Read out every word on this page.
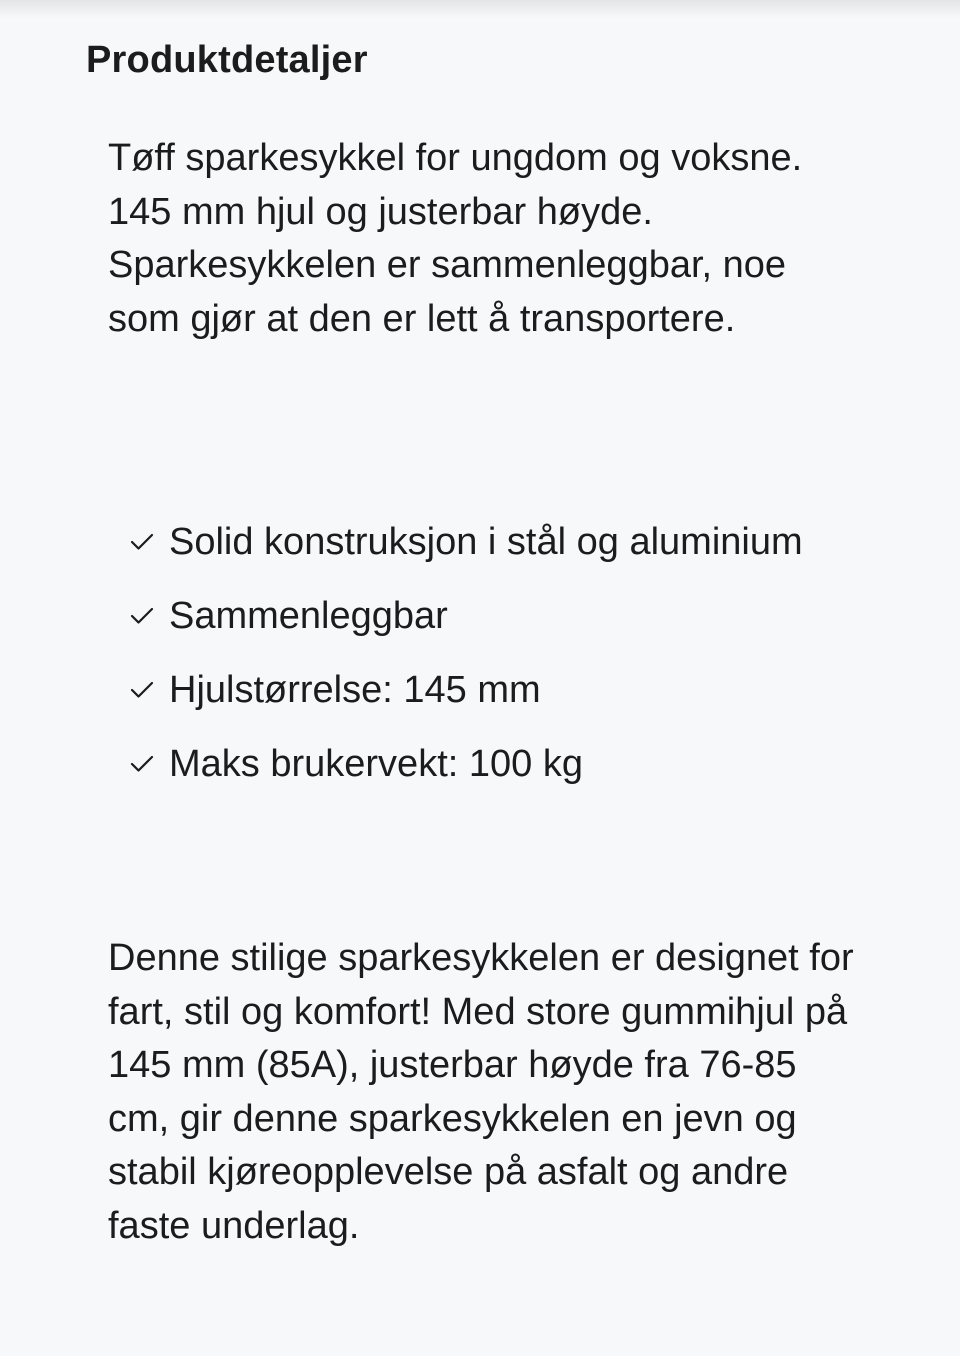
Produktdetaljer

Tøff sparkesykkel for ungdom og voksne. 145 mm hjul og justerbar høyde. Sparkesykkelen er sammenleggbar, noe som gjør at den er lett å transportere.

Solid konstruksjon i stål og aluminium
Sammenleggbar
Hjulstørrelse: 145 mm
Maks brukervekt: 100 kg

Denne stilige sparkesykkelen er designet for fart, stil og komfort! Med store gummihjul på 145 mm (85A), justerbar høyde fra 76-85 cm, gir denne sparkesykkelen en jevn og stabil kjøreopplevelse på asfalt og andre faste underlag.
